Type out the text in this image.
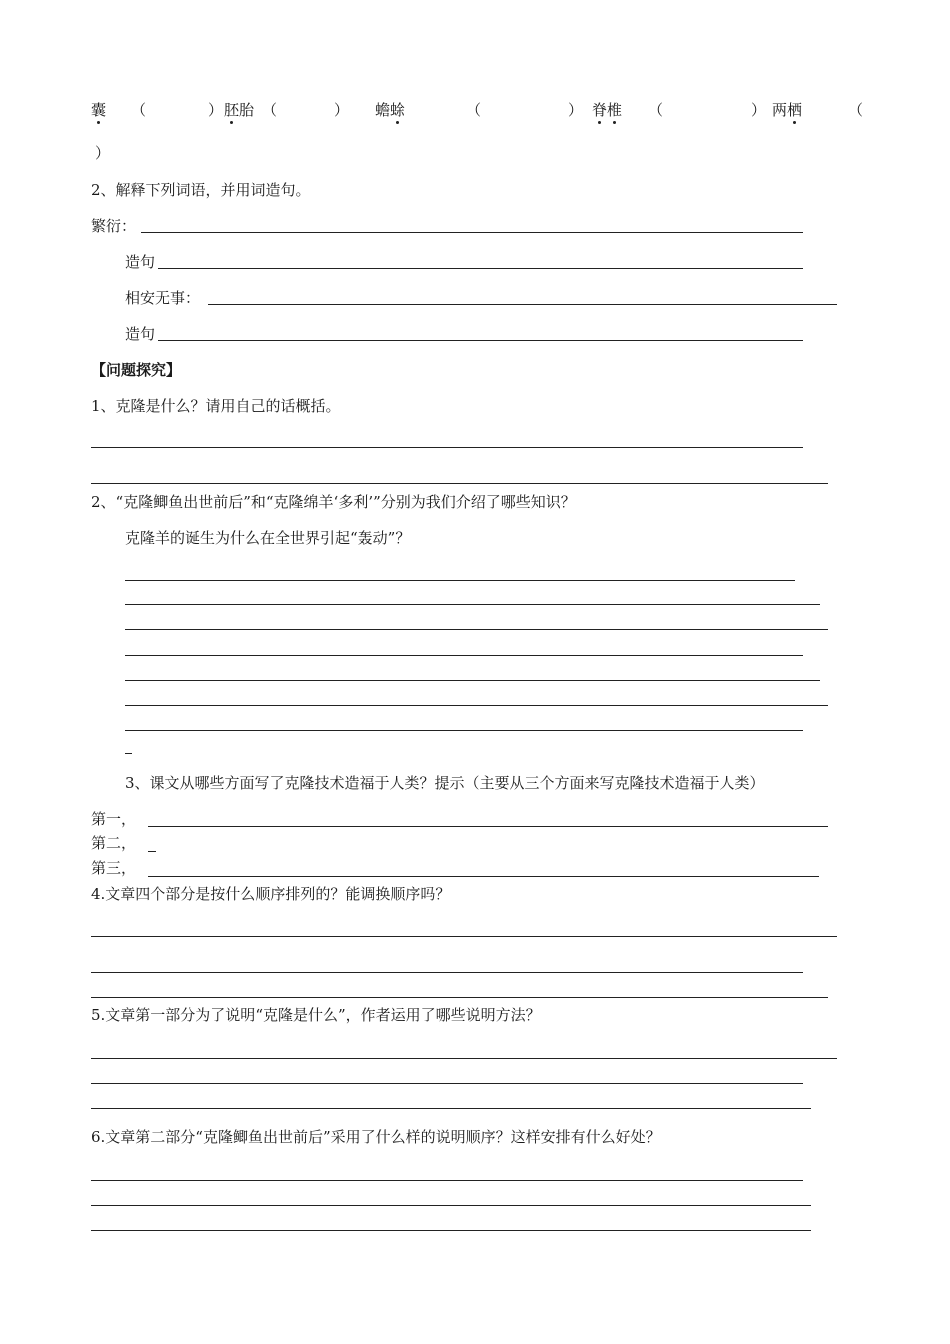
囊 （	） 胚胎 （	） 蟾蜍	（	） 脊椎 （	） 两栖	（
）
2、解释下列词语，并用词造句。
繁衍：
造句
相安无事：
造句
【问题探究】
1、克隆是什么？请用自己的话概括。
2、“克隆鲫鱼出世前后”和“克隆绵羊‘多利’”分别为我们介绍了哪些知识？
克隆羊的诞生为什么在全世界引起“轰动”？
3、课文从哪些方面写了克隆技术造福于人类？提示（主要从三个方面来写克隆技术造福于人类）
第一，
第二，
第三，
4.文章四个部分是按什么顺序排列的？能调换顺序吗？
5.文章第一部分为了说明“克隆是什么”，作者运用了哪些说明方法？
6.文章第二部分“克隆鲫鱼出世前后”采用了什么样的说明顺序？这样安排有什么好处？
